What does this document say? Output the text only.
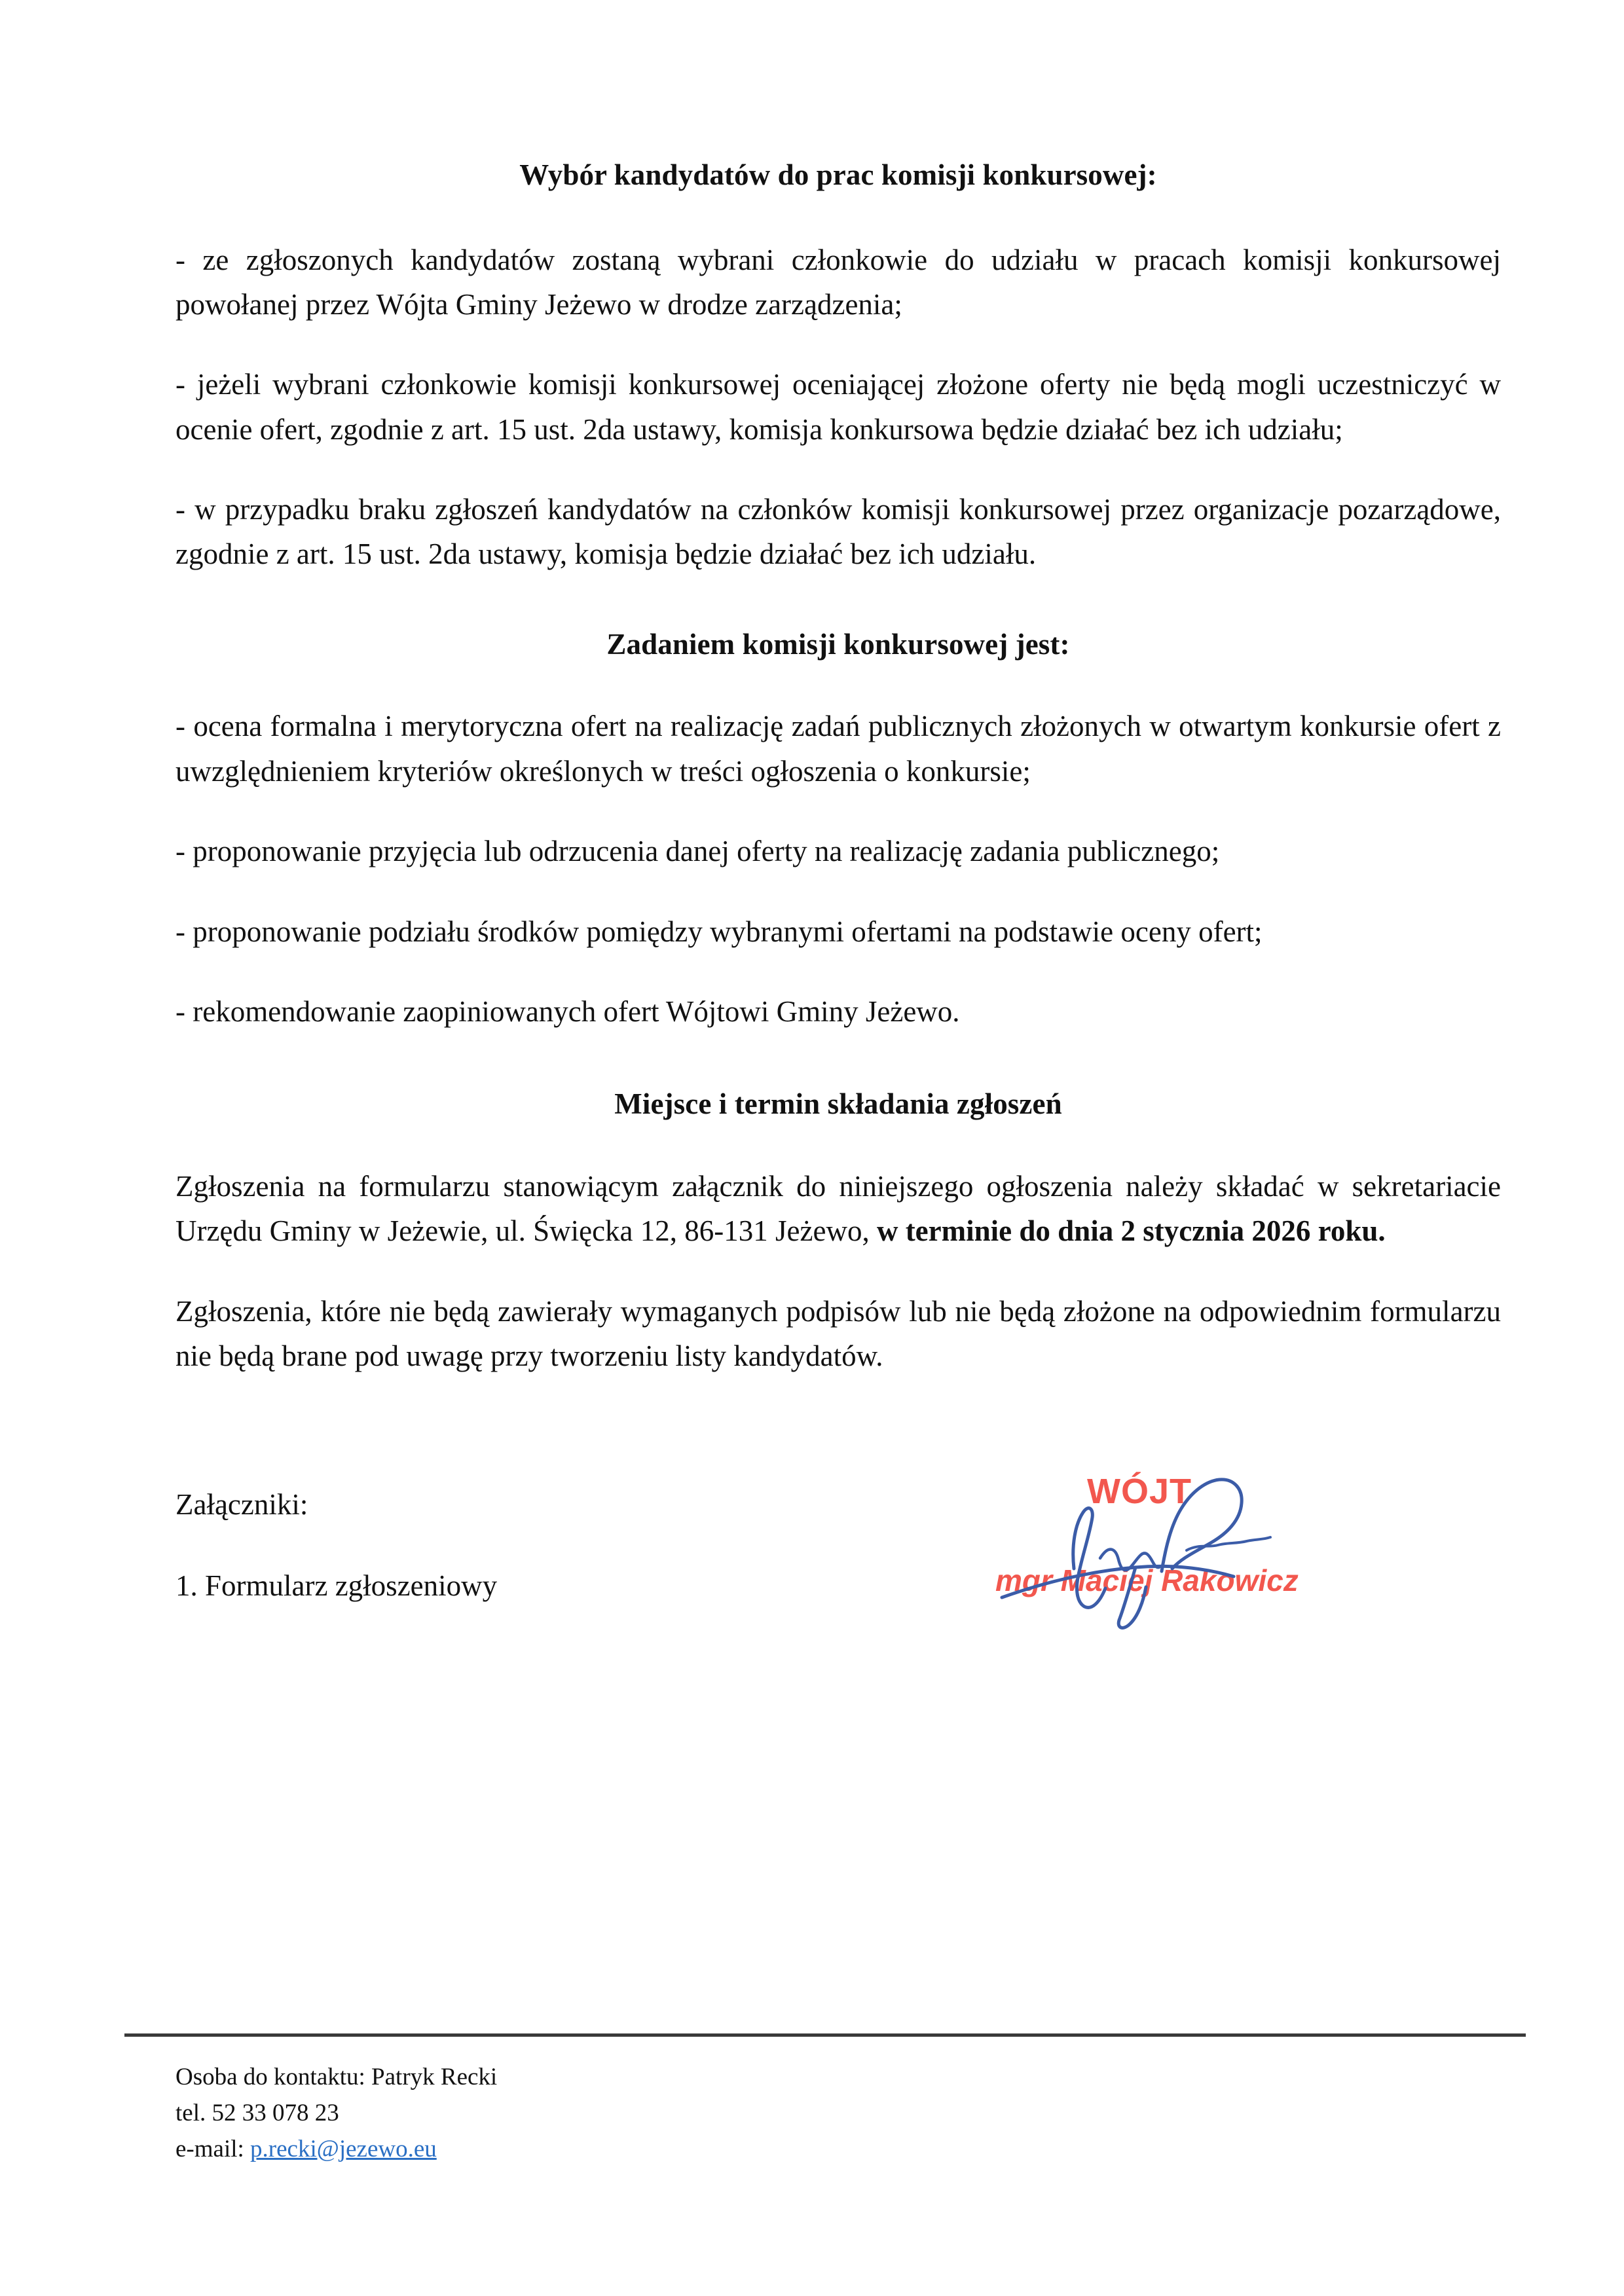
Wybór kandydatów do prac komisji konkursowej:

- ze zgłoszonych kandydatów zostaną wybrani członkowie do udziału w pracach komisji konkursowej powołanej przez Wójta Gminy Jeżewo w drodze zarządzenia;

- jeżeli wybrani członkowie komisji konkursowej oceniającej złożone oferty nie będą mogli uczestniczyć w ocenie ofert, zgodnie z art. 15 ust. 2da ustawy, komisja konkursowa będzie działać bez ich udziału;

- w przypadku braku zgłoszeń kandydatów na członków komisji konkursowej przez organizacje pozarządowe, zgodnie z art. 15 ust. 2da ustawy, komisja będzie działać bez ich udziału.

Zadaniem komisji konkursowej jest:

- ocena formalna i merytoryczna ofert na realizację zadań publicznych złożonych w otwartym konkursie ofert z uwzględnieniem kryteriów określonych w treści ogłoszenia o konkursie;

- proponowanie przyjęcia lub odrzucenia danej oferty na realizację zadania publicznego;

- proponowanie podziału środków pomiędzy wybranymi ofertami na podstawie oceny ofert;

- rekomendowanie zaopiniowanych ofert Wójtowi Gminy Jeżewo.

Miejsce i termin składania zgłoszeń

Zgłoszenia na formularzu stanowiącym załącznik do niniejszego ogłoszenia należy składać w sekretariacie Urzędu Gminy w Jeżewie, ul. Święcka 12, 86-131 Jeżewo, w terminie do dnia 2 stycznia 2026 roku.

Zgłoszenia, które nie będą zawierały wymaganych podpisów lub nie będą złożone na odpowiednim formularzu nie będą brane pod uwagę przy tworzeniu listy kandydatów.

Załączniki:

1. Formularz zgłoszeniowy

WÓJT
mgr Maciej Rakowicz

Osoba do kontaktu: Patryk Recki

tel. 52 33 078 23

e-mail: p.recki@jezewo.eu
